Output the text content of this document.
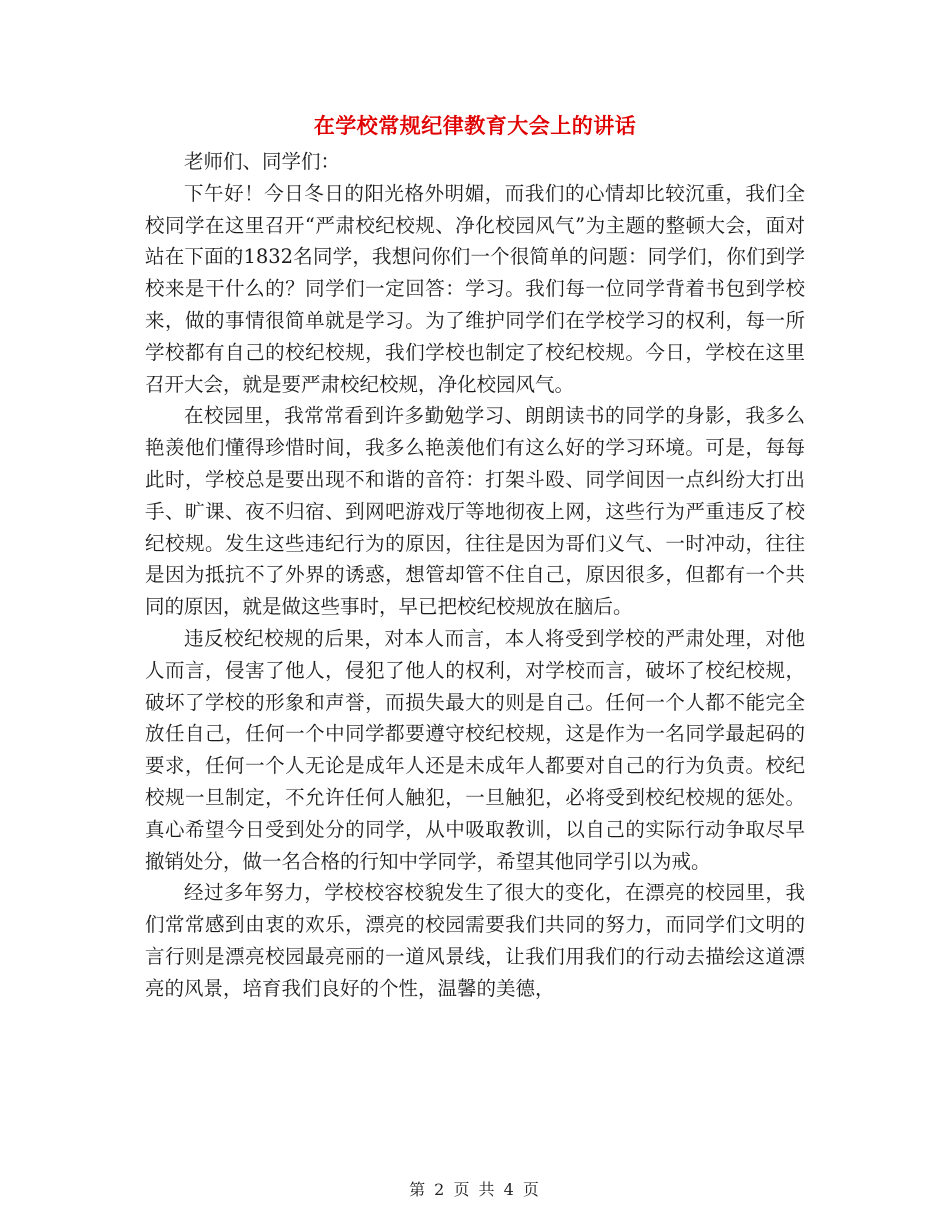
在学校常规纪律教育大会上的讲话

老师们、同学们：

下午好！今日冬日的阳光格外明媚，而我们的心情却比较沉重，我们全校同学在这里召开“严肃校纪校规、净化校园风气”为主题的整顿大会，面对站在下面的1832名同学，我想问你们一个很简单的问题：同学们，你们到学校来是干什么的？同学们一定回答：学习。我们每一位同学背着书包到学校来，做的事情很简单就是学习。为了维护同学们在学校学习的权利，每一所学校都有自己的校纪校规，我们学校也制定了校纪校规。今日，学校在这里召开大会，就是要严肃校纪校规，净化校园风气。

在校园里，我常常看到许多勤勉学习、朗朗读书的同学的身影，我多么艳羡他们懂得珍惜时间，我多么艳羡他们有这么好的学习环境。可是，每每此时，学校总是要出现不和谐的音符：打架斗殴、同学间因一点纠纷大打出手、旷课、夜不归宿、到网吧游戏厅等地彻夜上网，这些行为严重违反了校纪校规。发生这些违纪行为的原因，往往是因为哥们义气、一时冲动，往往是因为抵抗不了外界的诱惑，想管却管不住自己，原因很多，但都有一个共同的原因，就是做这些事时，早已把校纪校规放在脑后。

违反校纪校规的后果，对本人而言，本人将受到学校的严肃处理，对他人而言，侵害了他人，侵犯了他人的权利，对学校而言，破坏了校纪校规，破坏了学校的形象和声誉，而损失最大的则是自己。任何一个人都不能完全放任自己，任何一个中同学都要遵守校纪校规，这是作为一名同学最起码的要求，任何一个人无论是成年人还是未成年人都要对自己的行为负责。校纪校规一旦制定，不允许任何人触犯，一旦触犯，必将受到校纪校规的惩处。真心希望今日受到处分的同学，从中吸取教训，以自己的实际行动争取尽早撤销处分，做一名合格的行知中学同学，希望其他同学引以为戒。

经过多年努力，学校校容校貌发生了很大的变化，在漂亮的校园里，我们常常感到由衷的欢乐，漂亮的校园需要我们共同的努力，而同学们文明的言行则是漂亮校园最亮丽的一道风景线，让我们用我们的行动去描绘这道漂亮的风景，培育我们良好的个性，温馨的美德，

第 2 页 共 4 页
